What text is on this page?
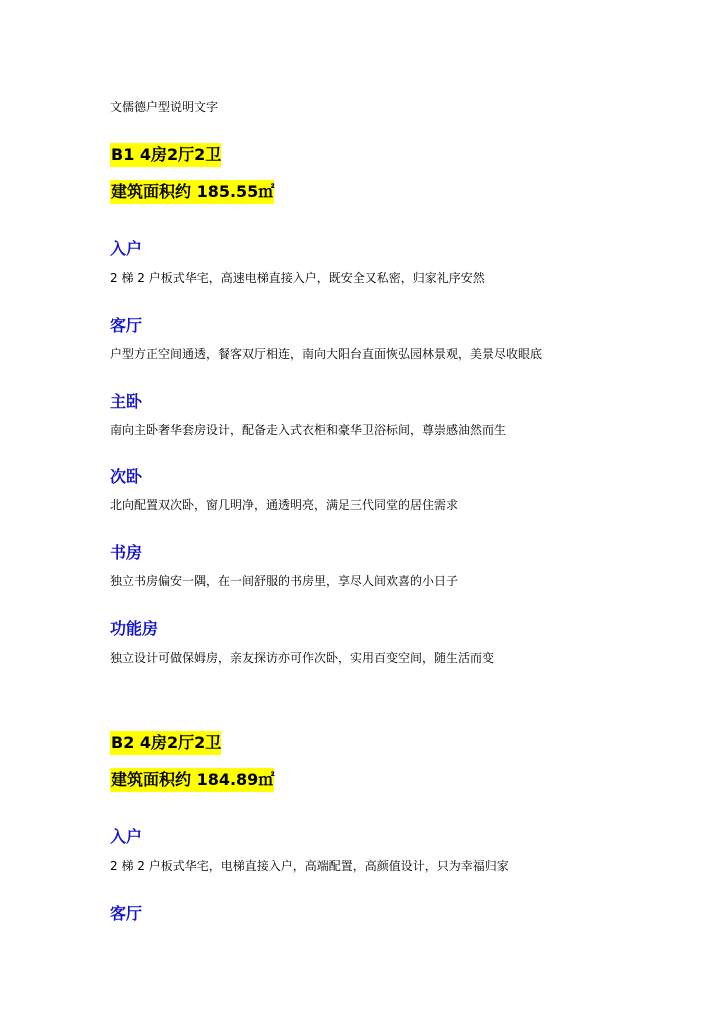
文儒德户型说明文字
B1 4房2厅2卫
建筑面积约 185.55㎡
入户
2 梯 2 户板式华宅，高速电梯直接入户，既安全又私密，归家礼序安然
客厅
户型方正空间通透，餐客双厅相连，南向大阳台直面恢弘园林景观，美景尽收眼底
主卧
南向主卧奢华套房设计，配备走入式衣柜和豪华卫浴标间，尊崇感油然而生
次卧
北向配置双次卧，窗几明净，通透明亮，满足三代同堂的居住需求
书房
独立书房偏安一隅，在一间舒服的书房里，享尽人间欢喜的小日子
功能房
独立设计可做保姆房，亲友探访亦可作次卧，实用百变空间，随生活而变
B2 4房2厅2卫
建筑面积约 184.89㎡
入户
2 梯 2 户板式华宅，电梯直接入户，高端配置，高颜值设计，只为幸福归家
客厅
